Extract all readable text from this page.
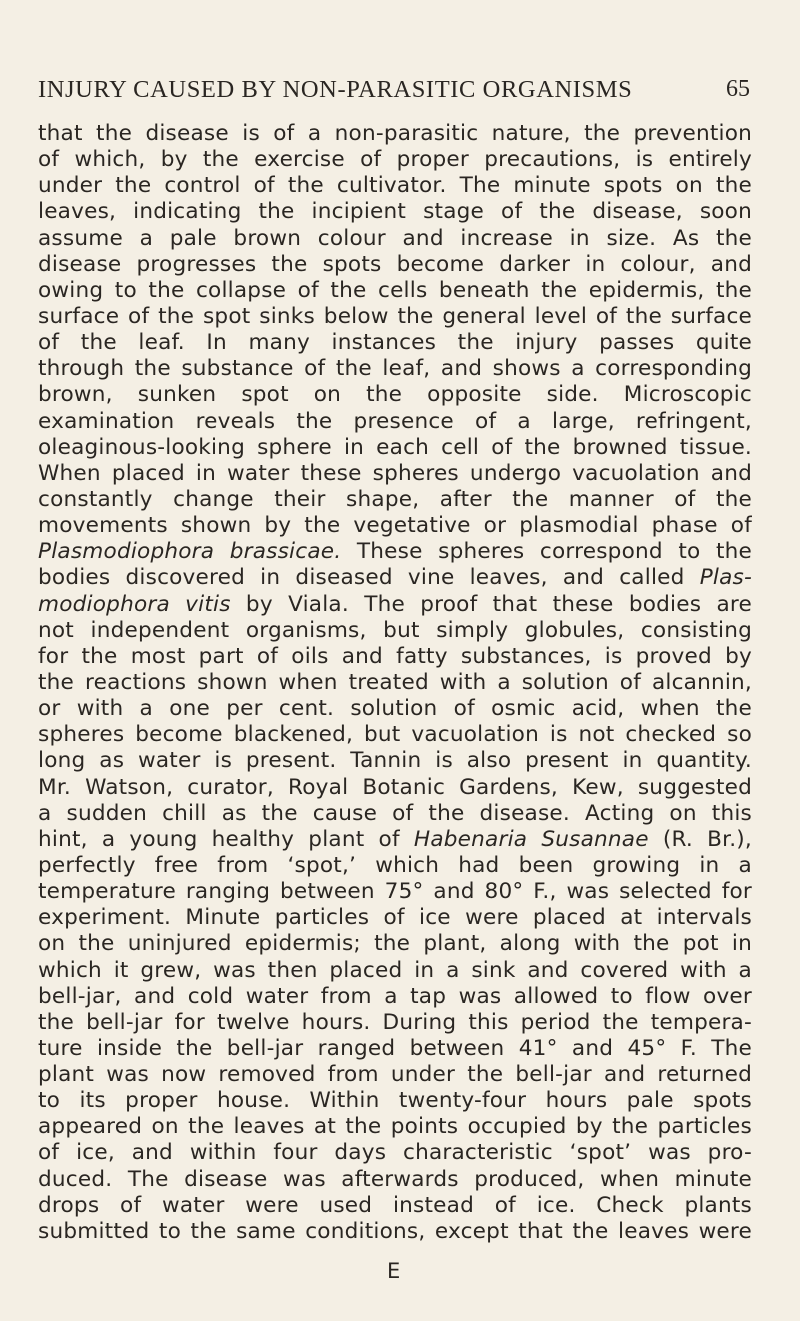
INJURY CAUSED BY NON-PARASITIC ORGANISMS	65
that the disease is of a non-parasitic nature, the prevention
of which, by the exercise of proper precautions, is entirely
under the control of the cultivator. The minute spots on the
leaves, indicating the incipient stage of the disease, soon
assume a pale brown colour and increase in size. As the
disease progresses the spots become darker in colour, and
owing to the collapse of the cells beneath the epidermis, the
surface of the spot sinks below the general level of the surface
of the leaf. In many instances the injury passes quite
through the substance of the leaf, and shows a corresponding
brown, sunken spot on the opposite side. Microscopic
examination reveals the presence of a large, refringent,
oleaginous-looking sphere in each cell of the browned tissue.
When placed in water these spheres undergo vacuolation and
constantly change their shape, after the manner of the
movements shown by the vegetative or plasmodial phase of
Plasmodiophora brassicae. These spheres correspond to the
bodies discovered in diseased vine leaves, and called Plas-
modiophora vitis by Viala. The proof that these bodies are
not independent organisms, but simply globules, consisting
for the most part of oils and fatty substances, is proved by
the reactions shown when treated with a solution of alcannin,
or with a one per cent. solution of osmic acid, when the
spheres become blackened, but vacuolation is not checked so
long as water is present. Tannin is also present in quantity.
Mr. Watson, curator, Royal Botanic Gardens, Kew, suggested
a sudden chill as the cause of the disease. Acting on this
hint, a young healthy plant of Habenaria Susannae (R. Br.),
perfectly free from ‘spot,’ which had been growing in a
temperature ranging between 75° and 80° F., was selected for
experiment. Minute particles of ice were placed at intervals
on the uninjured epidermis; the plant, along with the pot in
which it grew, was then placed in a sink and covered with a
bell-jar, and cold water from a tap was allowed to flow over
the bell-jar for twelve hours. During this period the tempera-
ture inside the bell-jar ranged between 41° and 45° F. The
plant was now removed from under the bell-jar and returned
to its proper house. Within twenty-four hours pale spots
appeared on the leaves at the points occupied by the particles
of ice, and within four days characteristic ‘spot’ was pro-
duced. The disease was afterwards produced, when minute
drops of water were used instead of ice. Check plants
submitted to the same conditions, except that the leaves were
E
